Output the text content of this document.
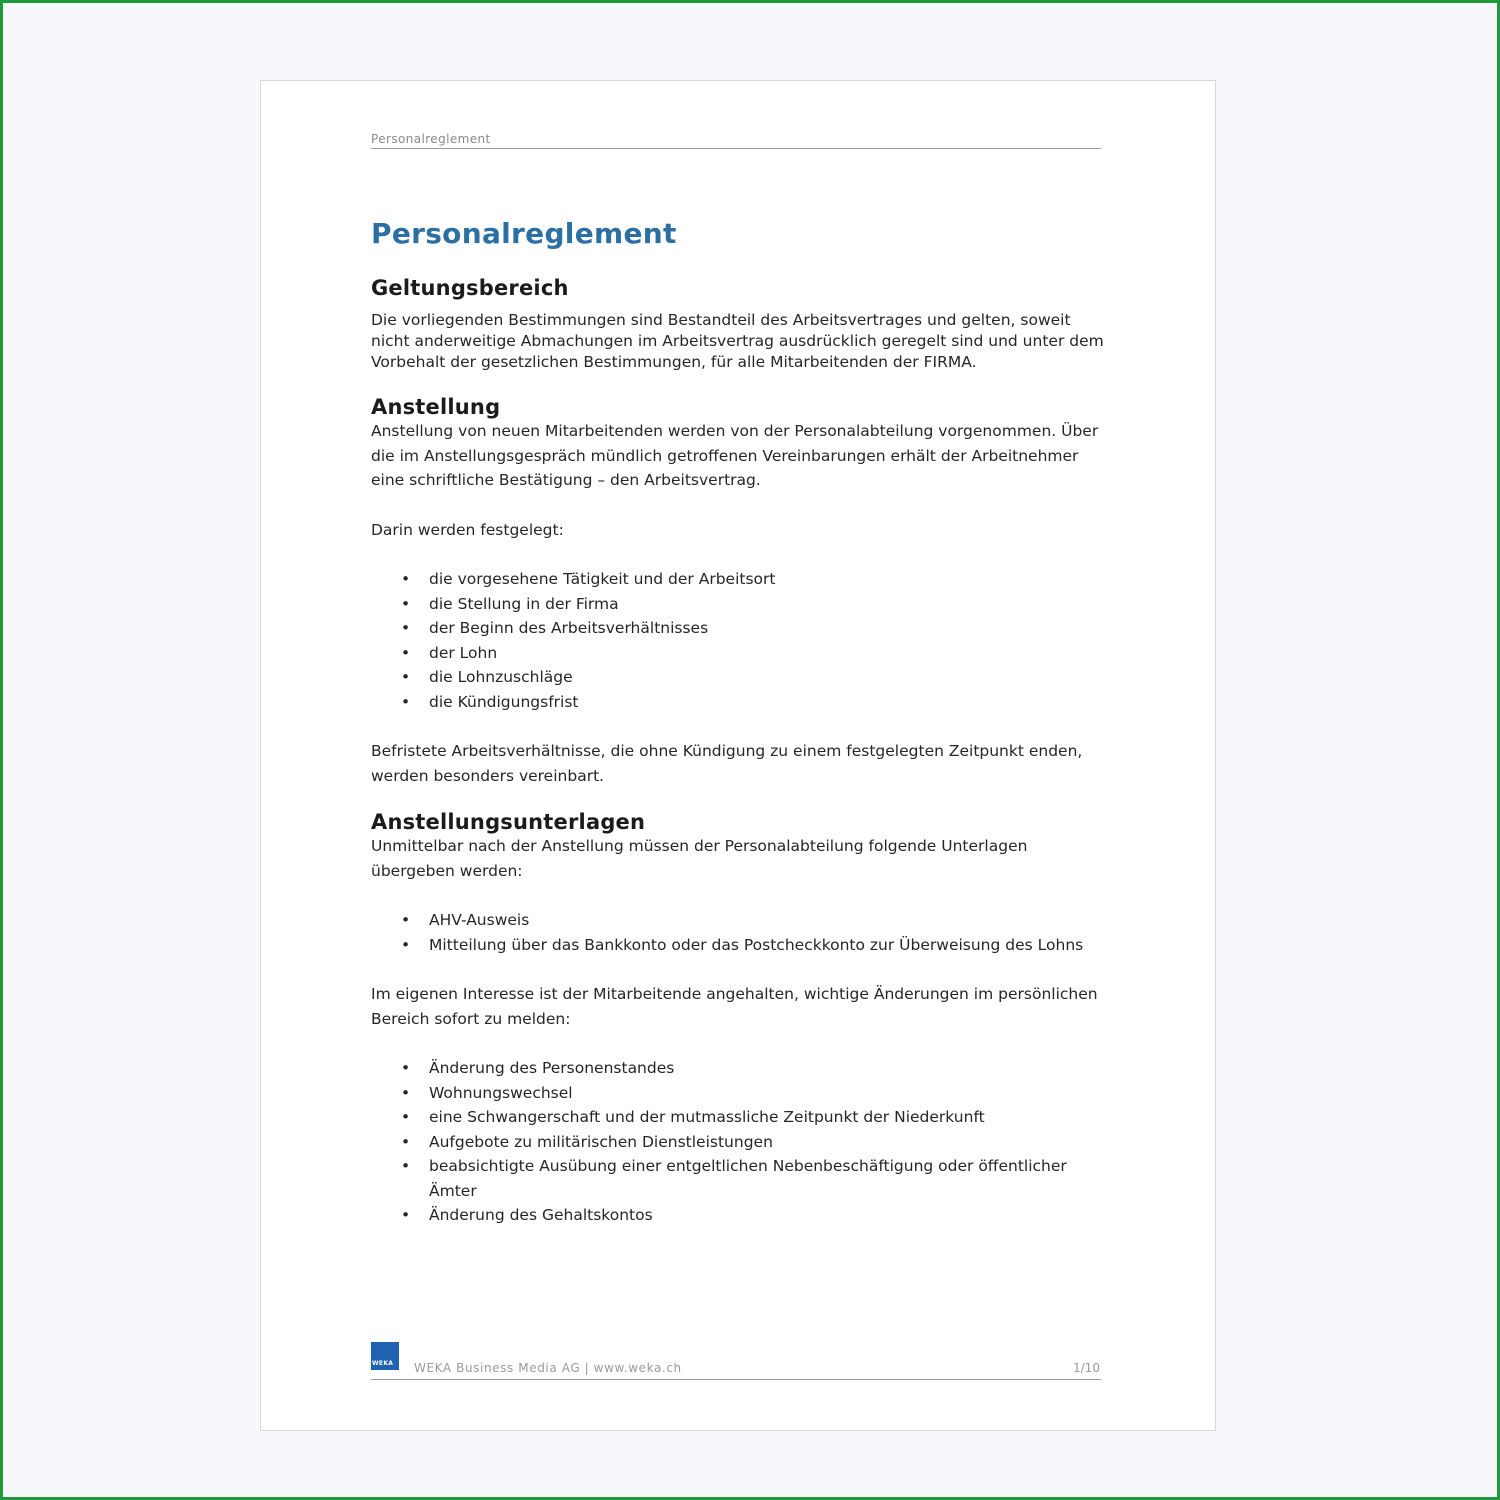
Personalreglement
Personalreglement
Geltungsbereich

Die vorliegenden Bestimmungen sind Bestandteil des Arbeitsvertrages und gelten, soweit nicht anderweitige Abmachungen im Arbeitsvertrag ausdrücklich geregelt sind und unter dem Vorbehalt der gesetzlichen Bestimmungen, für alle Mitarbeitenden der FIRMA.

Anstellung

Anstellung von neuen Mitarbeitenden werden von der Personalabteilung vorgenommen. Über die im Anstellungsgespräch mündlich getroffenen Vereinbarungen erhält der Arbeitnehmer eine schriftliche Bestätigung – den Arbeitsvertrag.

Darin werden festgelegt:

• die vorgesehene Tätigkeit und der Arbeitsort
• die Stellung in der Firma
• der Beginn des Arbeitsverhältnisses
• der Lohn
• die Lohnzuschläge
• die Kündigungsfrist

Befristete Arbeitsverhältnisse, die ohne Kündigung zu einem festgelegten Zeitpunkt enden, werden besonders vereinbart.

Anstellungsunterlagen

Unmittelbar nach der Anstellung müssen der Personalabteilung folgende Unterlagen übergeben werden:

• AHV-Ausweis
• Mitteilung über das Bankkonto oder das Postcheckkonto zur Überweisung des Lohns

Im eigenen Interesse ist der Mitarbeitende angehalten, wichtige Änderungen im persönlichen Bereich sofort zu melden:

• Änderung des Personenstandes
• Wohnungswechsel
• eine Schwangerschaft und der mutmassliche Zeitpunkt der Niederkunft
• Aufgebote zu militärischen Dienstleistungen
• beabsichtigte Ausübung einer entgeltlichen Nebenbeschäftigung oder öffentlicher Ämter
• Änderung des Gehaltskontos
WEKA WEKA Business Media AG | www.weka.ch	1/10
